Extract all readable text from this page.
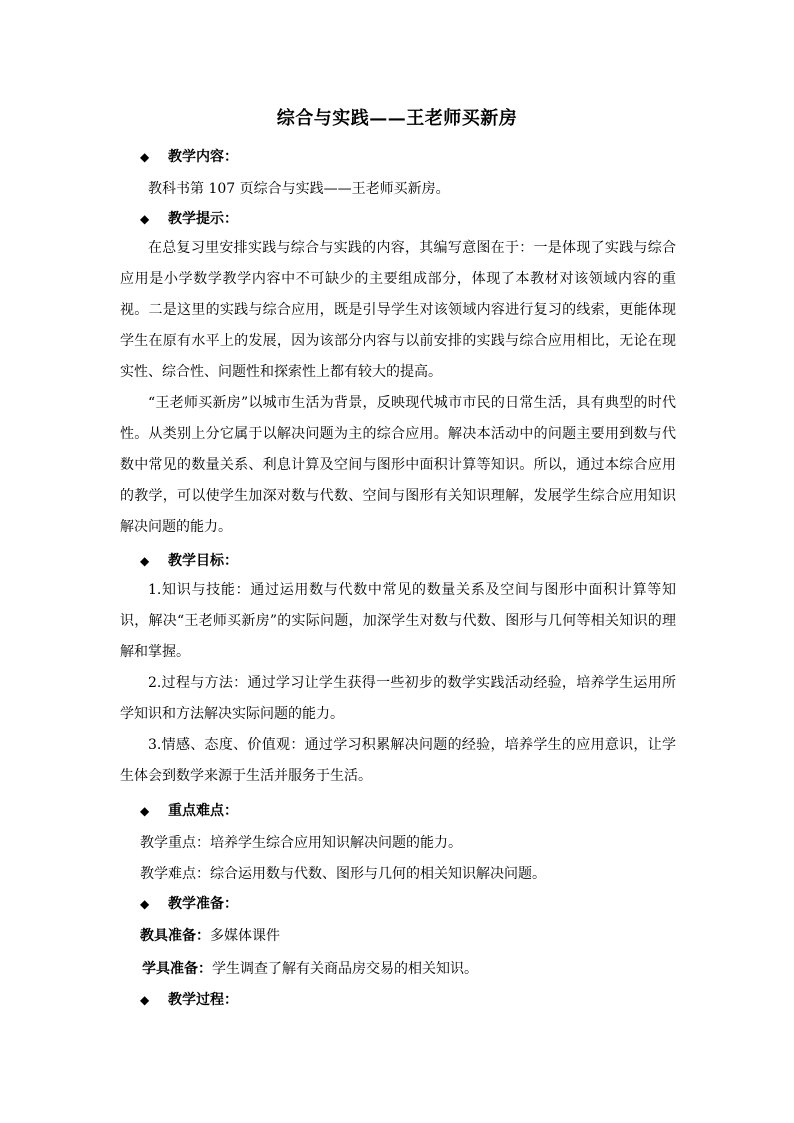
综合与实践——王老师买新房
◆ 教学内容：
教科书第 107 页综合与实践——王老师买新房。
◆ 教学提示：

在总复习里安排实践与综合与实践的内容，其编写意图在于：一是体现了实践与综合应用是小学数学教学内容中不可缺少的主要组成部分，体现了本教材对该领域内容的重视。二是这里的实践与综合应用，既是引导学生对该领域内容进行复习的线索，更能体现学生在原有水平上的发展，因为该部分内容与以前安排的实践与综合应用相比，无论在现实性、综合性、问题性和探索性上都有较大的提高。

“王老师买新房”以城市生活为背景，反映现代城市市民的日常生活，具有典型的时代性。从类别上分它属于以解决问题为主的综合应用。解决本活动中的问题主要用到数与代数中常见的数量关系、利息计算及空间与图形中面积计算等知识。所以，通过本综合应用的教学，可以使学生加深对数与代数、空间与图形有关知识理解，发展学生综合应用知识解决问题的能力。

◆ 教学目标：

1.知识与技能：通过运用数与代数中常见的数量关系及空间与图形中面积计算等知识，解决“王老师买新房”的实际问题，加深学生对数与代数、图形与几何等相关知识的理解和掌握。

2.过程与方法：通过学习让学生获得一些初步的数学实践活动经验，培养学生运用所学知识和方法解决实际问题的能力。

3.情感、态度、价值观：通过学习积累解决问题的经验，培养学生的应用意识，让学生体会到数学来源于生活并服务于生活。

◆ 重点难点：
教学重点：培养学生综合应用知识解决问题的能力。
教学难点：综合运用数与代数、图形与几何的相关知识解决问题。
◆ 教学准备：
教具准备：多媒体课件
学具准备：学生调查了解有关商品房交易的相关知识。
◆ 教学过程：
